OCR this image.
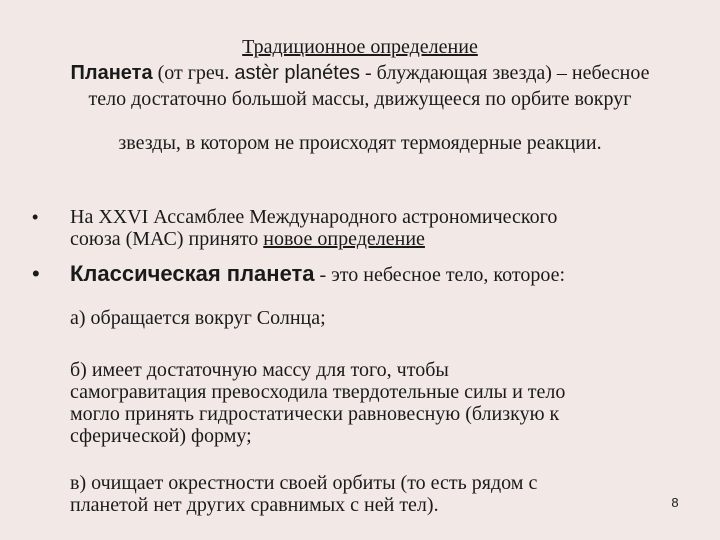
Традиционное определение
Планета (от греч. astèr planétes - блуждающая звезда) – небесное
тело достаточно большой массы, движущееся по орбите вокруг
звезды, в котором не происходят термоядерные реакции.
•	На XXVI Ассамблее Международного астрономического
союза (МАС) принято новое определение
•	Классическая планета - это небесное тело, которое:
а) обращается вокруг Солнца;
б) имеет достаточную массу для того, чтобы
самогравитация превосходила твердотельные силы и тело
могло принять гидростатически равновесную (близкую к
сферической) форму;
в) очищает окрестности своей орбиты (то есть рядом с
планетой нет других сравнимых с ней тел).	8
